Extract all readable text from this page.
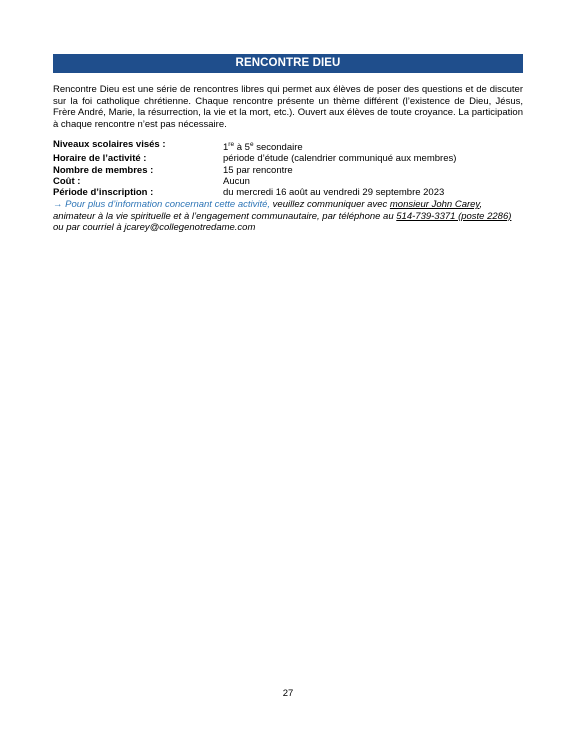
RENCONTRE DIEU
Rencontre Dieu est une série de rencontres libres qui permet aux élèves de poser des questions et de discuter sur la foi catholique chrétienne. Chaque rencontre présente un thème différent (l’existence de Dieu, Jésus, Frère André, Marie, la résurrection, la vie et la mort, etc.). Ouvert aux élèves de toute croyance. La participation à chaque rencontre n’est pas nécessaire.
Niveaux scolaires visés :	1re à 5e secondaire
Horaire de l’activité :	période d’étude (calendrier communiqué aux membres)
Nombre de membres :	15 par rencontre
Coût :	Aucun
Période d’inscription :	du mercredi 16 août au vendredi 29 septembre 2023
→ Pour plus d’information concernant cette activité, veuillez communiquer avec monsieur John Carey, animateur à la vie spirituelle et à l’engagement communautaire, par téléphone au 514-739-3371 (poste 2286) ou par courriel à jcarey@collegenotredame.com
27
